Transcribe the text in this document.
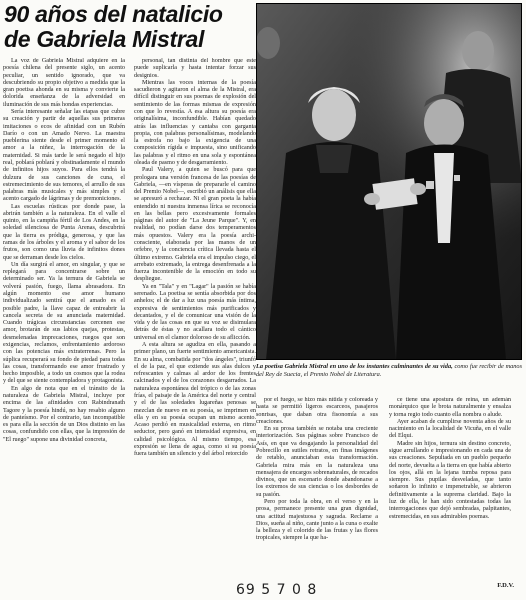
90 años del natalicio de Gabriela Mistral

La voz de Gabriela Mistral adquiere en la poesía chilena del presente siglo, un acento peculiar, un sentido ignorado, que va descubriendo su propio objetivo a medida que la gran poetisa ahonda en su misma y convierte la dolorida enseñanza de la adversidad en iluminación de sus más hondas experiencias.

Sería interesante señalar las etapas que cubre su creación y partir de aquellas sus primeras imitaciones o ecos de afinidad con un Rubén Darío o con un Amado Nervo. La maestra pueblerina siente desde el primer momento el amor a la niñez, la interrogación de la maternidad. Si más tarde le será negado el hijo real, poblará poblará y obstinadamente el mundo de infinitos hijos suyos. Para ellos tendrá la dulzura de sus canciones de cuna, el estremecimiento de sus temores, el arrullo de sus palabras más musicales y más simples y el acento cargado de lágrimas y de premoniciones.

Las escuelas rústicas por donde pase, la abrirán también a la naturaleza. En el valle el quinto, en la campiña fértil de Los Andes, en la soledad silenciosa de Punta Arenas, descubrirá que la tierra es pródiga, generosa, y que las ramas de los árboles y el aroma y el sabor de los frutos, son como una lluvia de infinitos dones que se derraman desde los cielos.

Un día surgirá el amor, en singular, y que se replegará para concentrarse sobre un determinado ser. Ya la ternura de Gabriela se volverá pasión, fuego, llama abrasadora. En algún momento ese amor humano individualizado sentirá que el amado es el posible padre, la llave capaz de entreabrir la cancela secreta de su anunciada maternidad. Cuando trágicas circunstancias cercenen ese amor, brotarán de sus labios quejas, protestas, desmelenadas imprecaciones, ruegos que son exigencias, reclamos, enfrentamiento ardoroso con las potencias más extraterrenas. Pero la súplica recuperará su fondo de piedad para todas las cosas, transformando ese amor frustrado y hecho imposible, a todo un cosmos que la rodea y del que se siente contempladora y protagonista.

En algo de nota que en el tránsito de la naturaleza de Gabriela Mistral, incluye por encima de las afinidades con Rabindranath Tagore y la poesía hindú, no hay resabio alguno de panteísmo. Por el contrario, tan incompatible es para ella la sección de un Dios distinto en las cosas, confundido con ellas, que la impresión de "El ruego" supone una divinidad concreta,

personal, tan distinta del hombre que este puede suplicarla y hasta intentar forzar sus designios.

Mientras las voces internas de la poesía sacudieron y agitaron el alma de la Mistral, era difícil distinguir en sus poemas de explosión del sentimiento de las formas mismas de expresión con que lo revestía. A esa altura su poesía era originalísima, inconfundible. Habían quedado atrás las influencias y cantaba con garganta propia, con palabras personalísimas, modelando la estrofa no bajo la exigencia de una composición rígida e impuesta, sino unificando las palabras y el ritmo en una sola y espontánea oleada de pasmo y de desgarramiento.

Paul Valery, a quien se buscó para que prologara una versión francesa de las poesías de Gabriela, —en vísperas de prepararle el camino del Premio Nobel—, escribió un análisis que ella se apresuró a rechazar. Ni el gran poeta la había entendido ni nuestra inmensa lírica se reconocía en las bellas pero excesivamente formales páginas del autor de "La Jeune Parque". Y, en realidad, no podían darse dos temperamentos más opuestos. Valery era la poesía archi-consciente, elaborada por las manos de un orfebre, y la conciencia crítica llevada hasta el último extremo. Gabriela era el impulso ciego, el arrebato extremado, la entrega desenfrenada a la fuerza incontenible de la emoción en todo su despliegue.

Ya en "Tala" y en "Lagar" la pasión se había serenado. La poetisa se sentía absorbida por dos anhelos; el de dar a luz una poesía más íntima, expresiva de sentimientos más purificados y decantados, y el de comunicar una visión de la vida y de las cosas en que su voz se disimulara detrás de éstas y no acallara todo el cántico universal en el clamor doloroso de su aflicción.

A esta altura se agudiza en ella, pasando a primer plano, un fuerte sentimiento americanista. En su alma, combatida por "dos ángeles", triunfó el de la paz, el que extiende sus alas dulces y refrescantes y calmas al ardor de los frentes calcinados y el de los corazones desgarrados. La naturaleza espontánea del trópico o de las zonas frías, el paisaje de la América del norte y central y el de las soledades lugareñas penosas se mezclan de nuevo en su poesía, se imprimen en ella y en su poesía ocupan un mismo acento. Acaso perdió en musicalidad externa, en ritmo seductor, pero ganó en intensidad expresiva, en calidad psicológica. Al mismo tiempo, esa expresión se llena de agua, como si su poesía fuera también un silencio y del árbol retorcido

La poetisa Gabriela Mistral en uno de los instantes culminantes de su vida, como fue recibir de manos del Rey de Suecia, el Premio Nobel de Literatura.

por el fuego, se hizo más nítida y coloreada y hasta se permitió ligeros escarceos, pasajeros sonrisas, que daban otra fisonomía a sus creaciones.

En su prosa también se notaba una creciente interiorización. Sus páginas sobre Francisco de Asís, en que va desgajando la personalidad del Pobrecillo en sutiles retratos, en finas imágenes de retablo, anunciaban esta transformación. Gabriela mira más en la naturaleza una mensajera de encargos sobrenaturales, de recados divinos, que un escenario donde abandonarse a los extremos de sus ciencias o los desbordes de su pasión.

Pero por toda la obra, en el verso y en la prosa, permanece presente una gran dignidad, una actitud majestuosa y sagrada. Reclame a Dios, sueña al niño, cante junto a la cuna o exalte la belleza y el colorido de las frutas y las flores tropicales, siempre la que ha-

ce tiene una apostura de reina, un ademán monárquico que le brota naturalmente y ensalza y torna regio todo cuanto ella nombra o alude.

Ayer acaban de cumplirse noventa años de su nacimiento en la localidad de Vicuña, en el valle del Elqui.

Madre sin hijos, ternura sin destino concreto, sigue arrullando e impresionando en cada una de sus creaciones. Sepultada en un pueblo pequeño del norte, devuelta a la tierra en que había abierto los ojos, allá en la lejana tumba reposa para siempre. Sus pupilas desveladas, que tanto soñaron lo infinito e impenetrable, se abrieron definitivamente a la suprema claridad. Bajo la luz de ella, le han sido contestadas todas las interrogaciones que dejó sembradas, palpitantes, estremecidas, en sus admirables poemas.

69 5 7 0 8	F.D.V.
